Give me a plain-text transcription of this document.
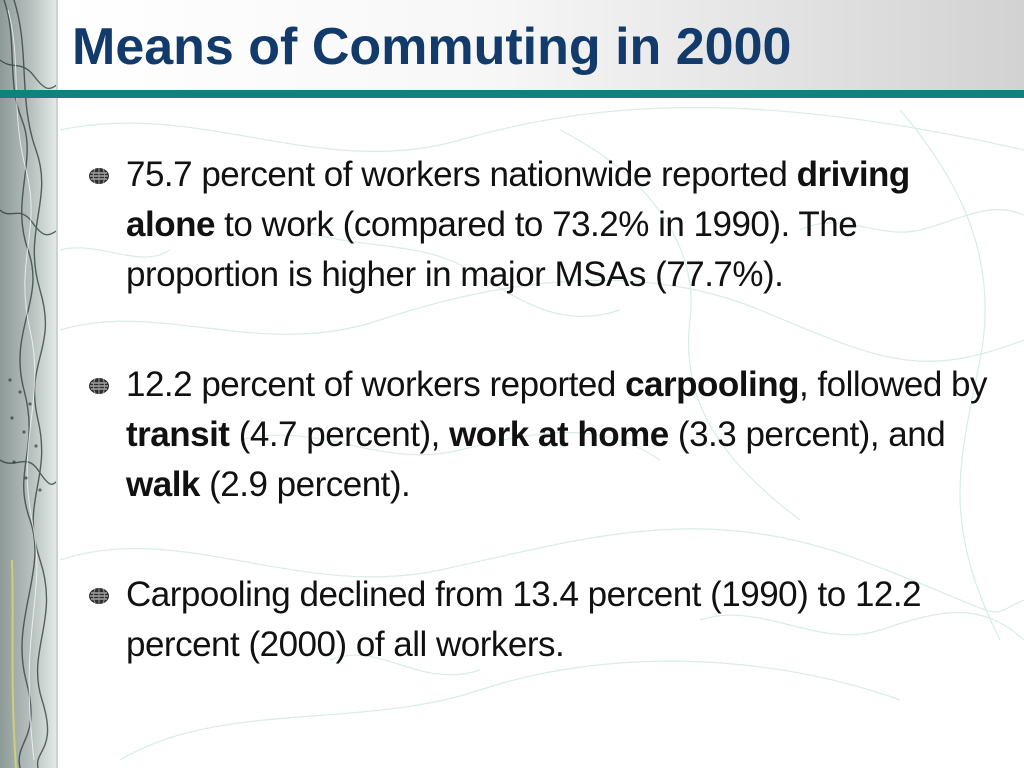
Means of Commuting in 2000
75.7 percent of workers nationwide reported driving alone to work (compared to 73.2% in 1990). The proportion is higher in major MSAs (77.7%).
12.2 percent of workers reported carpooling, followed by transit (4.7 percent), work at home (3.3 percent), and walk (2.9 percent).
Carpooling declined from 13.4 percent (1990) to 12.2 percent (2000) of all workers.
